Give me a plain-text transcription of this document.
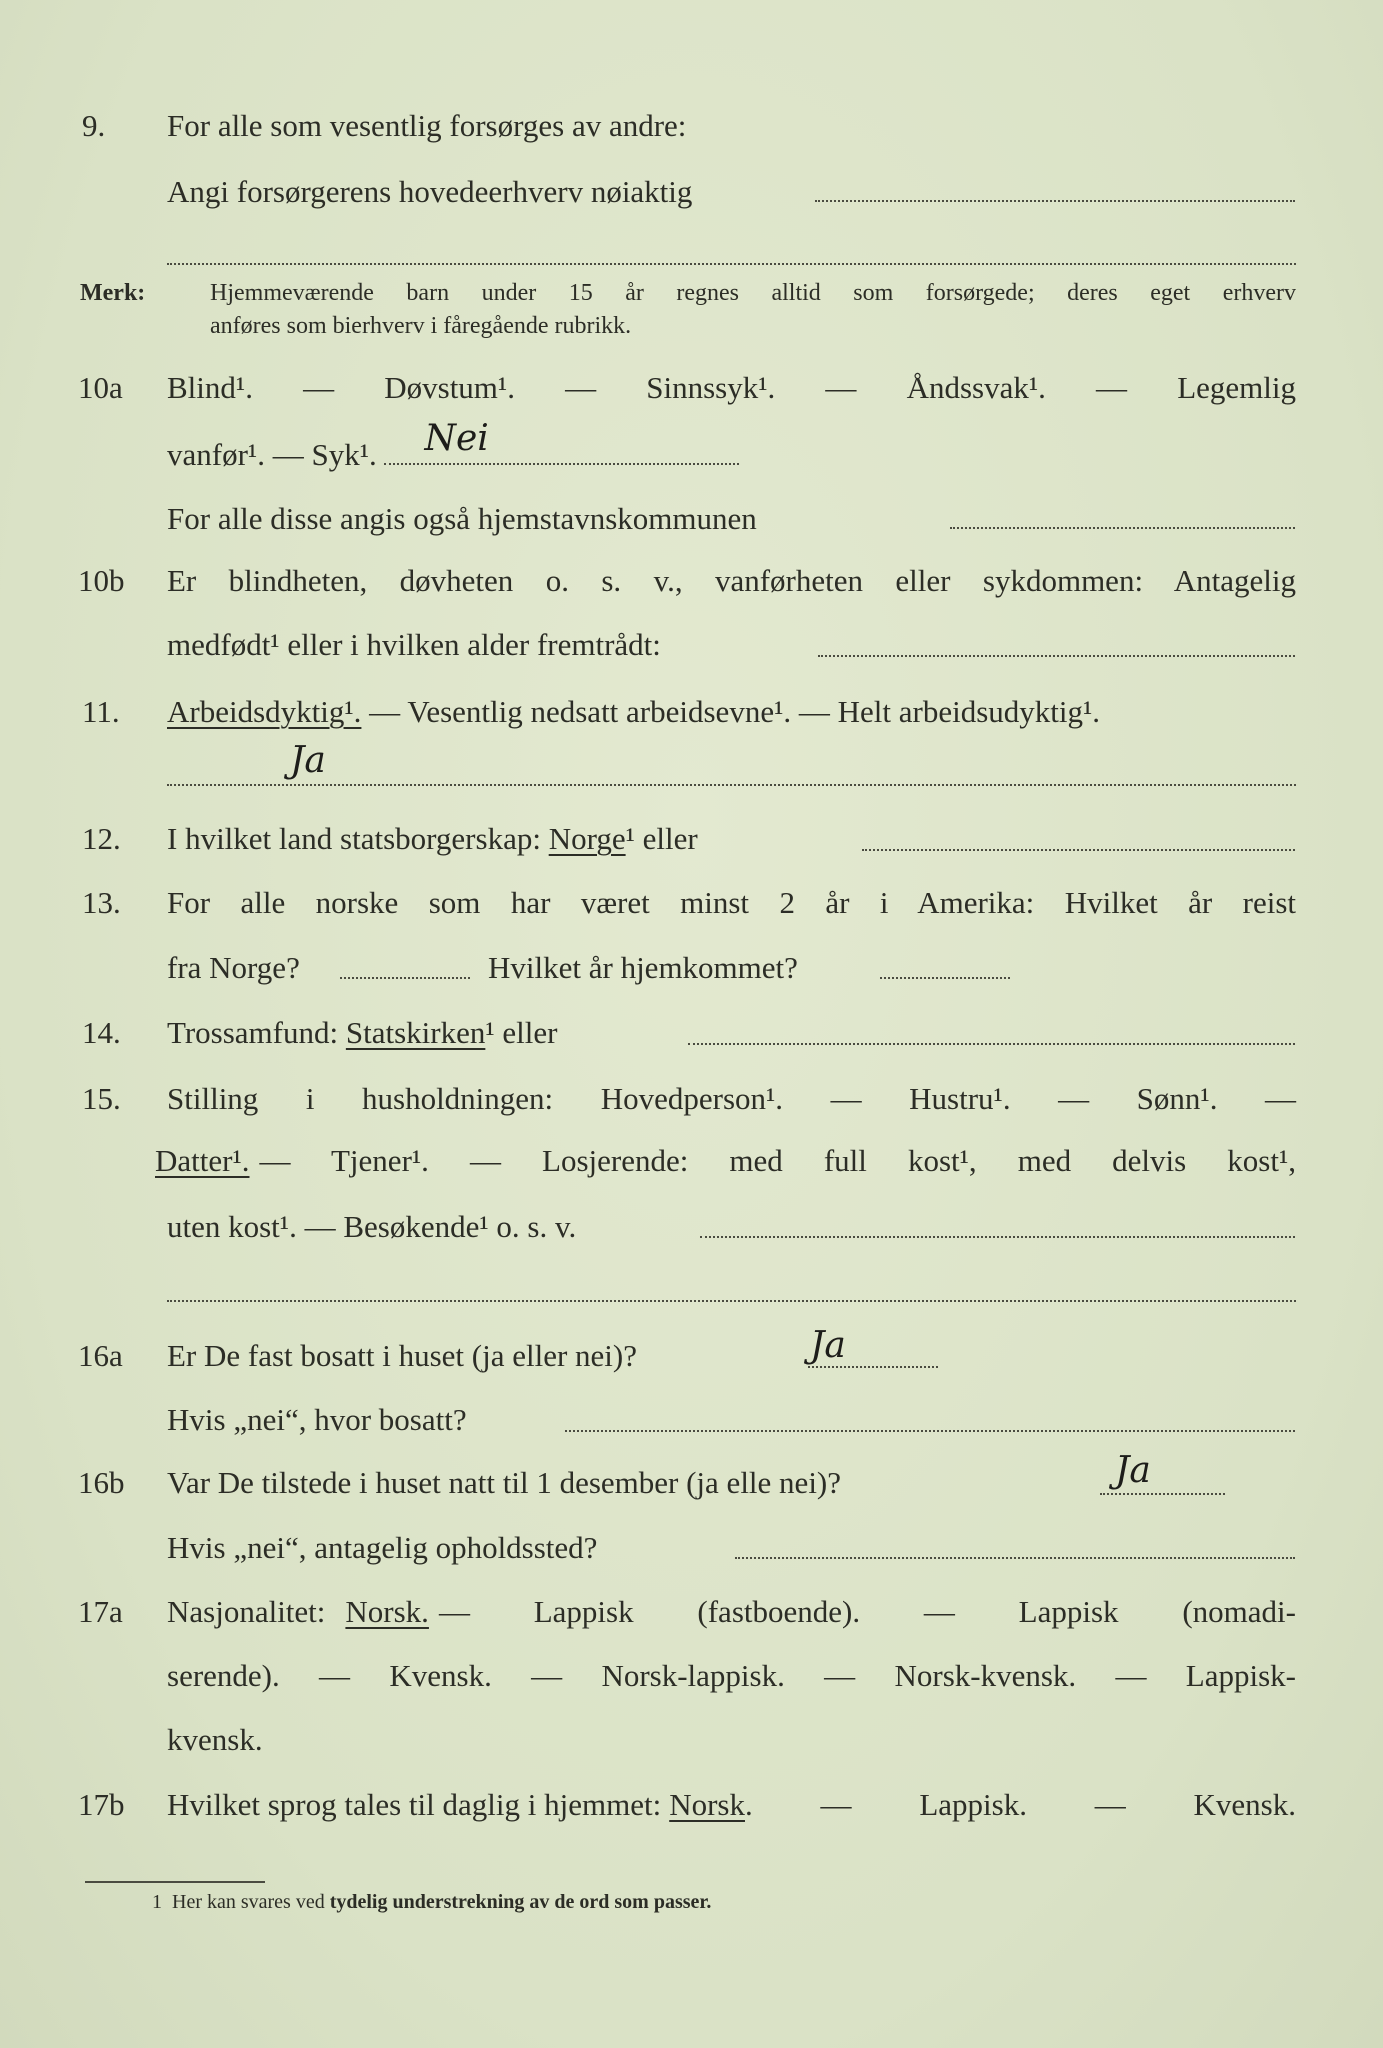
9. For alle som vesentlig forsørges av andre:
Angi forsørgerens hovedeerhverv nøiaktig
Merk:	Hjemmeværende barn under 15 år regnes alltid som forsørgede; deres eget erhverv
anføres som bierhverv i fåregående rubrikk.
10a Blind¹. — Døvstum¹. — Sinnssyk¹. — Åndssvak¹. — Legemlig
vanfør¹. — Syk¹. Nei
For alle disse angis også hjemstavnskommunen
10b Er blindheten, døvheten o. s. v., vanførheten eller sykdommen: Antagelig
medfødt¹ eller i hvilken alder fremtrådt:
11. Arbeidsdyktig¹. — Vesentlig nedsatt arbeidsevne¹. — Helt arbeidsudyktig¹.
Ja
12. I hvilket land statsborgerskap: Norge¹ eller
13. For alle norske som har været minst 2 år i Amerika: Hvilket år reist
fra Norge?	Hvilket år hjemkommet?
14. Trossamfund: Statskirken¹ eller
15. Stilling i husholdningen: Hovedperson¹. — Hustru¹. — Sønn¹. —
Datter¹. — Tjener¹. — Losjerende: med full kost¹, med delvis kost¹,
uten kost¹. — Besøkende¹ o. s. v.
16a Er De fast bosatt i huset (ja eller nei)?	Ja
Hvis „nei“, hvor bosatt?
16b Var De tilstede i huset natt til 1 desember (ja elle nei)?	Ja
Hvis „nei“, antagelig opholdssted?
17a Nasjonalitet: Norsk. — Lappisk (fastboende). — Lappisk (nomadi-
serende). — Kvensk. — Norsk-lappisk. — Norsk-kvensk. — Lappisk-
kvensk.
17b Hvilket sprog tales til daglig i hjemmet: Norsk . — Lappisk. — Kvensk.
1 Her kan svares ved tydelig understrekning av de ord som passer.
